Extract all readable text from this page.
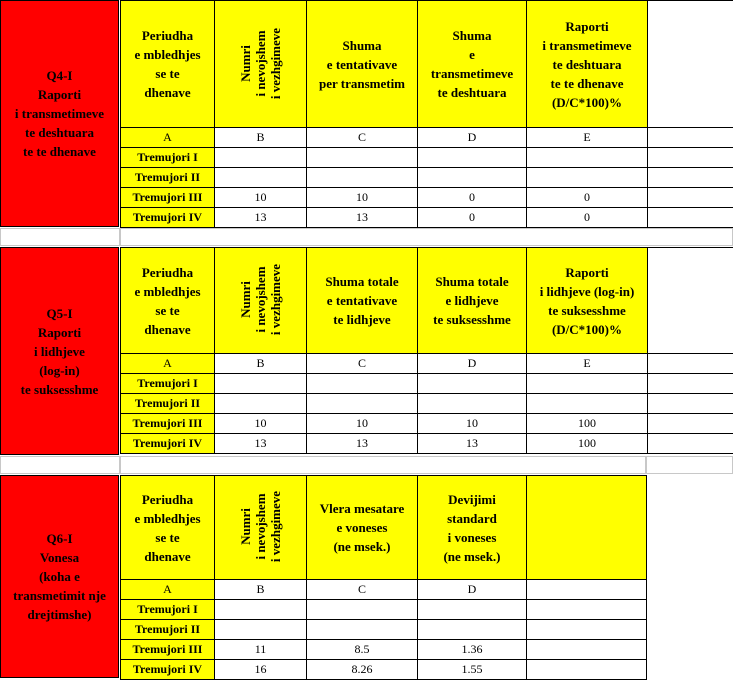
Q4-I
Raporti
i transmetimeve
te deshtuara
te te dhenave
Periudha
e mbledhjes
se te
dhenave	Numri
i nevojshem
i vezhgimeve	Shuma
e tentativave
per transmetim	Shuma
e
transmetimeve
te deshtuara	Raporti
i transmetimeve
te deshtuara
te te dhenave
(D/C*100)%	
A	B	C	D	E	
Tremujori I					
Tremujori II					
Tremujori III	10	10	0	0	
Tremujori IV	13	13	0	0	
Q5-I
Raporti
i lidhjeve
(log-in)
te suksesshme
Periudha
e mbledhjes
se te
dhenave	Numri
i nevojshem
i vezhgimeve	Shuma totale
e tentativave
te lidhjeve	Shuma totale
e lidhjeve
te suksesshme	Raporti
i lidhjeve (log-in)
te suksesshme
(D/C*100)%	
A	B	C	D	E	
Tremujori I					
Tremujori II					
Tremujori III	10	10	10	100	
Tremujori IV	13	13	13	100	
Q6-I
Vonesa
(koha e
transmetimit nje
drejtimshe)
Periudha
e mbledhjes
se te
dhenave	Numri
i nevojshem
i vezhgimeve	Vlera mesatare
e voneses
(ne msek.)	Devijimi
standard
i voneses
(ne msek.)	
A	B	C	D	
Tremujori I				
Tremujori II				
Tremujori III	11	8.5	1.36	
Tremujori IV	16	8.26	1.55	
